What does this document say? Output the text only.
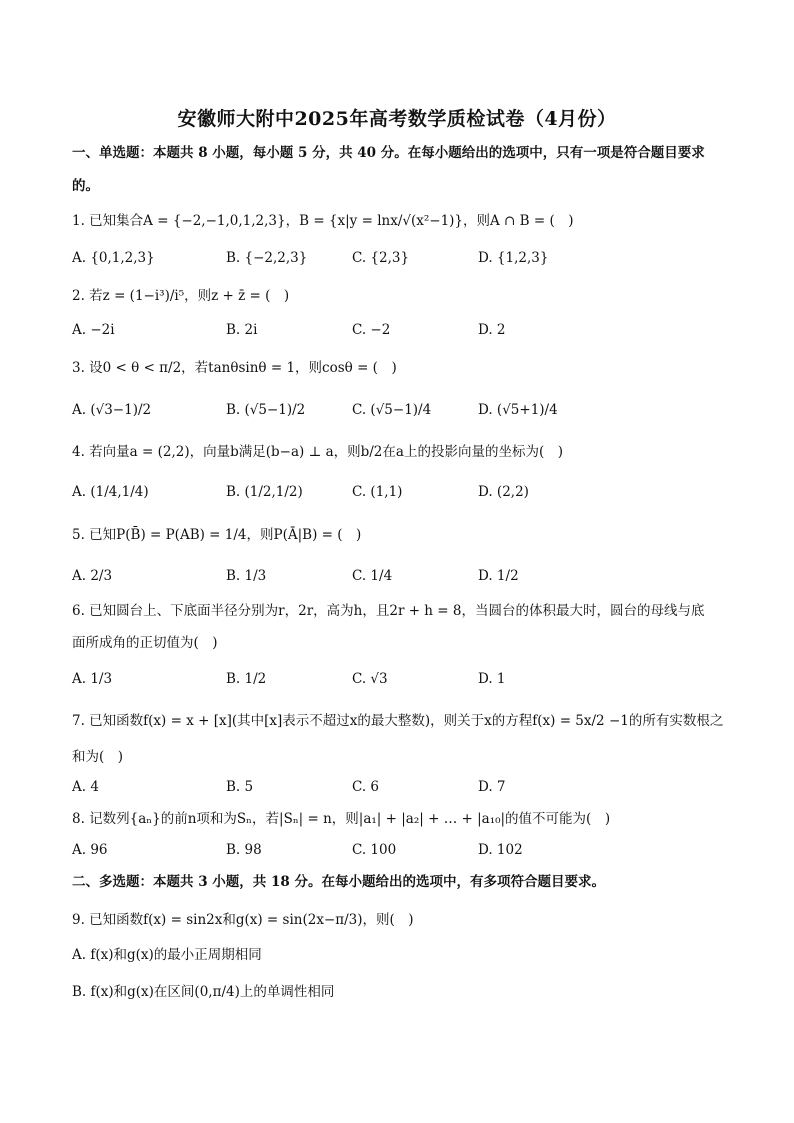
安徽师大附中2025年高考数学质检试卷（4月份）
一、单选题：本题共 8 小题，每小题 5 分，共 40 分。在每小题给出的选项中，只有一项是符合题目要求
的。
1. 已知集合A = {−2,−1,0,1,2,3}，B = {x|y = lnx/√(x²−1)}，则A ∩ B = (　)
A. {0,1,2,3}	B. {−2,2,3}	C. {2,3}	D. {1,2,3}
2. 若z = (1−i³)/i⁵，则z + z̄ = (　)
A. −2i	B. 2i	C. −2	D. 2
3. 设0 < θ < π/2，若tanθsinθ = 1，则cosθ = (　)
A. (√3−1)/2	B. (√5−1)/2	C. (√5−1)/4	D. (√5+1)/4
4. 若向量a = (2,2)，向量b满足(b−a) ⊥ a，则b/2在a上的投影向量的坐标为(　)
A. (1/4,1/4)	B. (1/2,1/2)	C. (1,1)	D. (2,2)
5. 已知P(B̄) = P(AB) = 1/4，则P(Ā|B) = (　)
A. 2/3	B. 1/3	C. 1/4	D. 1/2
6. 已知圆台上、下底面半径分别为r，2r，高为h，且2r + h = 8，当圆台的体积最大时，圆台的母线与底
面所成角的正切值为(　)
A. 1/3	B. 1/2	C. √3	D. 1
7. 已知函数f(x) = x + [x](其中[x]表示不超过x的最大整数)，则关于x的方程f(x) = 5x/2 −1的所有实数根之
和为(　)
A. 4	B. 5	C. 6	D. 7
8. 记数列{aₙ}的前n项和为Sₙ，若|Sₙ| = n，则|a₁| + |a₂| + … + |a₁₀|的值不可能为(　)
A. 96	B. 98	C. 100	D. 102
二、多选题：本题共 3 小题，共 18 分。在每小题给出的选项中，有多项符合题目要求。
9. 已知函数f(x) = sin2x和g(x) = sin(2x−π/3)，则(　)
A. f(x)和g(x)的最小正周期相同
B. f(x)和g(x)在区间(0,π/4)上的单调性相同
